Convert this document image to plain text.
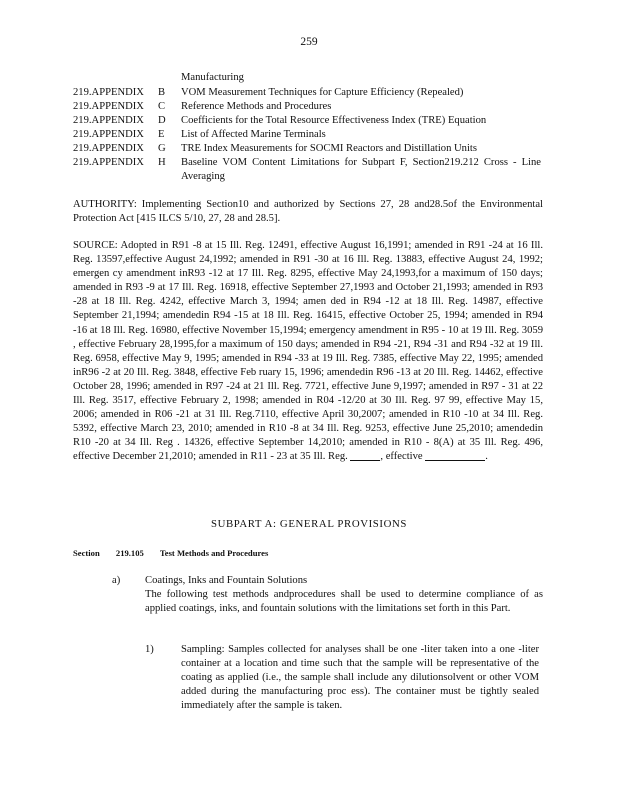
259
Manufacturing
219.APPENDIX B VOM Measurement Techniques for Capture Efficiency (Repealed)
219.APPENDIX C Reference Methods and Procedures
219.APPENDIX D Coefficients for the Total Resource Effectiveness Index (TRE) Equation
219.APPENDIX E List of Affected Marine Terminals
219.APPENDIX G TRE Index Measurements for SOCMI Reactors and Distillation Units
219.APPENDIX H Baseline VOM Content Limitations for Subpart F, Section219.212 Cross - Line Averaging
AUTHORITY: Implementing Section10 and authorized by Sections 27, 28 and28.5of the Environmental Protection Act [415 ILCS 5/10, 27, 28 and 28.5].
SOURCE: Adopted in R91 -8 at 15 Ill. Reg. 12491, effective August 16,1991; amended in R91 -24 at 16 Ill. Reg. 13597,effective August 24,1992; amended in R91 -30 at 16 Ill. Reg. 13883, effective August 24, 1992; emergen cy amendment inR93 -12 at 17 Ill. Reg. 8295, effective May 24,1993,for a maximum of 150 days; amended in R93 -9 at 17 Ill. Reg. 16918, effective September 27,1993 and October 21,1993; amended in R93 -28 at 18 Ill. Reg. 4242, effective March 3, 1994; amen ded in R94 -12 at 18 Ill. Reg. 14987, effective September 21,1994; amendedin R94 -15 at 18 Ill. Reg. 16415, effective October 25, 1994; amended in R94 -16 at 18 Ill. Reg. 16980, effective November 15,1994; emergency amendment in R95 - 10 at 19 Ill. Reg. 3059 , effective February 28,1995,for a maximum of 150 days; amended in R94 -21, R94 -31 and R94 -32 at 19 Ill. Reg. 6958, effective May 9, 1995; amended in R94 -33 at 19 Ill. Reg. 7385, effective May 22, 1995; amended inR96 -2 at 20 Ill. Reg. 3848, effective Feb ruary 15, 1996; amendedin R96 -13 at 20 Ill. Reg. 14462, effective October 28, 1996; amended in R97 -24 at 21 Ill. Reg. 7721, effective June 9,1997; amended in R97 - 31 at 22 Ill. Reg. 3517, effective February 2, 1998; amended in R04 -12/20 at 30 Ill. Reg. 97 99, effective May 15, 2006; amended in R06 -21 at 31 Ill. Reg.7110, effective April 30,2007; amended in R10 -10 at 34 Ill. Reg. 5392, effective March 23, 2010; amended in R10 -8 at 34 Ill. Reg. 9253, effective June 25,2010; amendedin R10 -20 at 34 Ill. Reg . 14326, effective September 14,2010; amended in R10 - 8(A) at 35 Ill. Reg. 496, effective December 21,2010; amended in R11 - 23 at 35 Ill. Reg.	, effective	.
SUBPART A: GENERAL PROVISIONS
Section 219.105 Test Methods and Procedures
a) Coatings, Inks and Fountain Solutions
The following test methods andprocedures shall be used to determine compliance of as applied coatings, inks, and fountain solutions with the limitations set forth in this Part.
1)	Sampling: Samples collected for analyses shall be one -liter taken into a one -liter container at a location and time such that the sample will be representative of the coating as applied (i.e., the sample shall include any dilutionsolvent or other VOM added during the manufacturing proc ess). The container must be tightly sealed immediately after the sample is taken.
